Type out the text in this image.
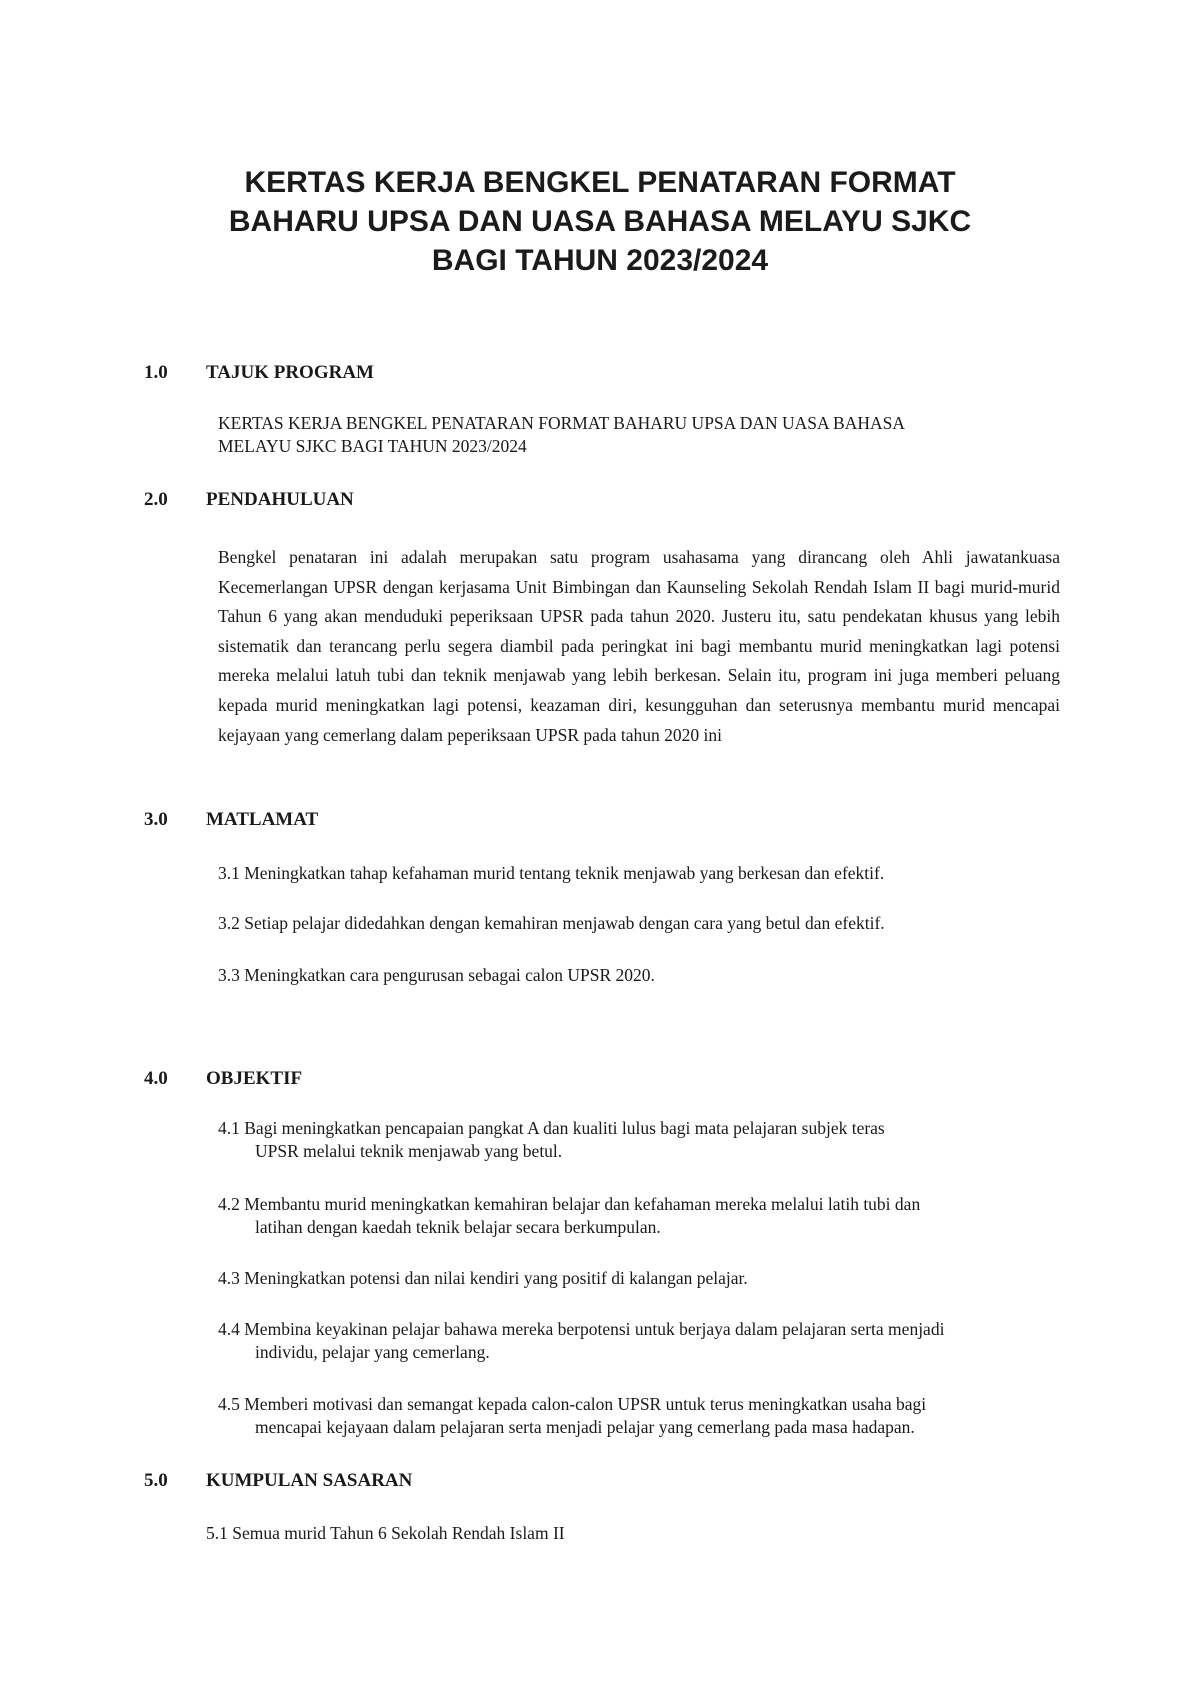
KERTAS KERJA BENGKEL PENATARAN FORMAT
BAHARU UPSA DAN UASA BAHASA MELAYU SJKC
BAGI TAHUN 2023/2024
1.0 TAJUK PROGRAM
KERTAS KERJA BENGKEL PENATARAN FORMAT BAHARU UPSA DAN UASA BAHASA
MELAYU SJKC BAGI TAHUN 2023/2024
2.0 PENDAHULUAN

Bengkel penataran ini adalah merupakan satu program usahasama yang dirancang oleh Ahli jawatankuasa Kecemerlangan UPSR dengan kerjasama Unit Bimbingan dan Kaunseling Sekolah Rendah Islam II bagi murid-murid Tahun 6 yang akan menduduki peperiksaan UPSR pada tahun 2020. Justeru itu, satu pendekatan khusus yang lebih sistematik dan terancang perlu segera diambil pada peringkat ini bagi membantu murid meningkatkan lagi potensi mereka melalui latuh tubi dan teknik menjawab yang lebih berkesan. Selain itu, program ini juga memberi peluang kepada murid meningkatkan lagi potensi, keazaman diri, kesungguhan dan seterusnya membantu murid mencapai kejayaan yang cemerlang dalam peperiksaan UPSR pada tahun 2020 ini

3.0 MATLAMAT
3.1 Meningkatkan tahap kefahaman murid tentang teknik menjawab yang berkesan dan efektif.
3.2 Setiap pelajar didedahkan dengan kemahiran menjawab dengan cara yang betul dan efektif.
3.3 Meningkatkan cara pengurusan sebagai calon UPSR 2020.
4.0 OBJEKTIF
4.1 Bagi meningkatkan pencapaian pangkat A dan kualiti lulus bagi mata pelajaran subjek teras
UPSR melalui teknik menjawab yang betul.
4.2 Membantu murid meningkatkan kemahiran belajar dan kefahaman mereka melalui latih tubi dan
latihan dengan kaedah teknik belajar secara berkumpulan.
4.3 Meningkatkan potensi dan nilai kendiri yang positif di kalangan pelajar.
4.4 Membina keyakinan pelajar bahawa mereka berpotensi untuk berjaya dalam pelajaran serta menjadi
individu, pelajar yang cemerlang.
4.5 Memberi motivasi dan semangat kepada calon-calon UPSR untuk terus meningkatkan usaha bagi
mencapai kejayaan dalam pelajaran serta menjadi pelajar yang cemerlang pada masa hadapan.
5.0 KUMPULAN SASARAN
5.1 Semua murid Tahun 6 Sekolah Rendah Islam II
